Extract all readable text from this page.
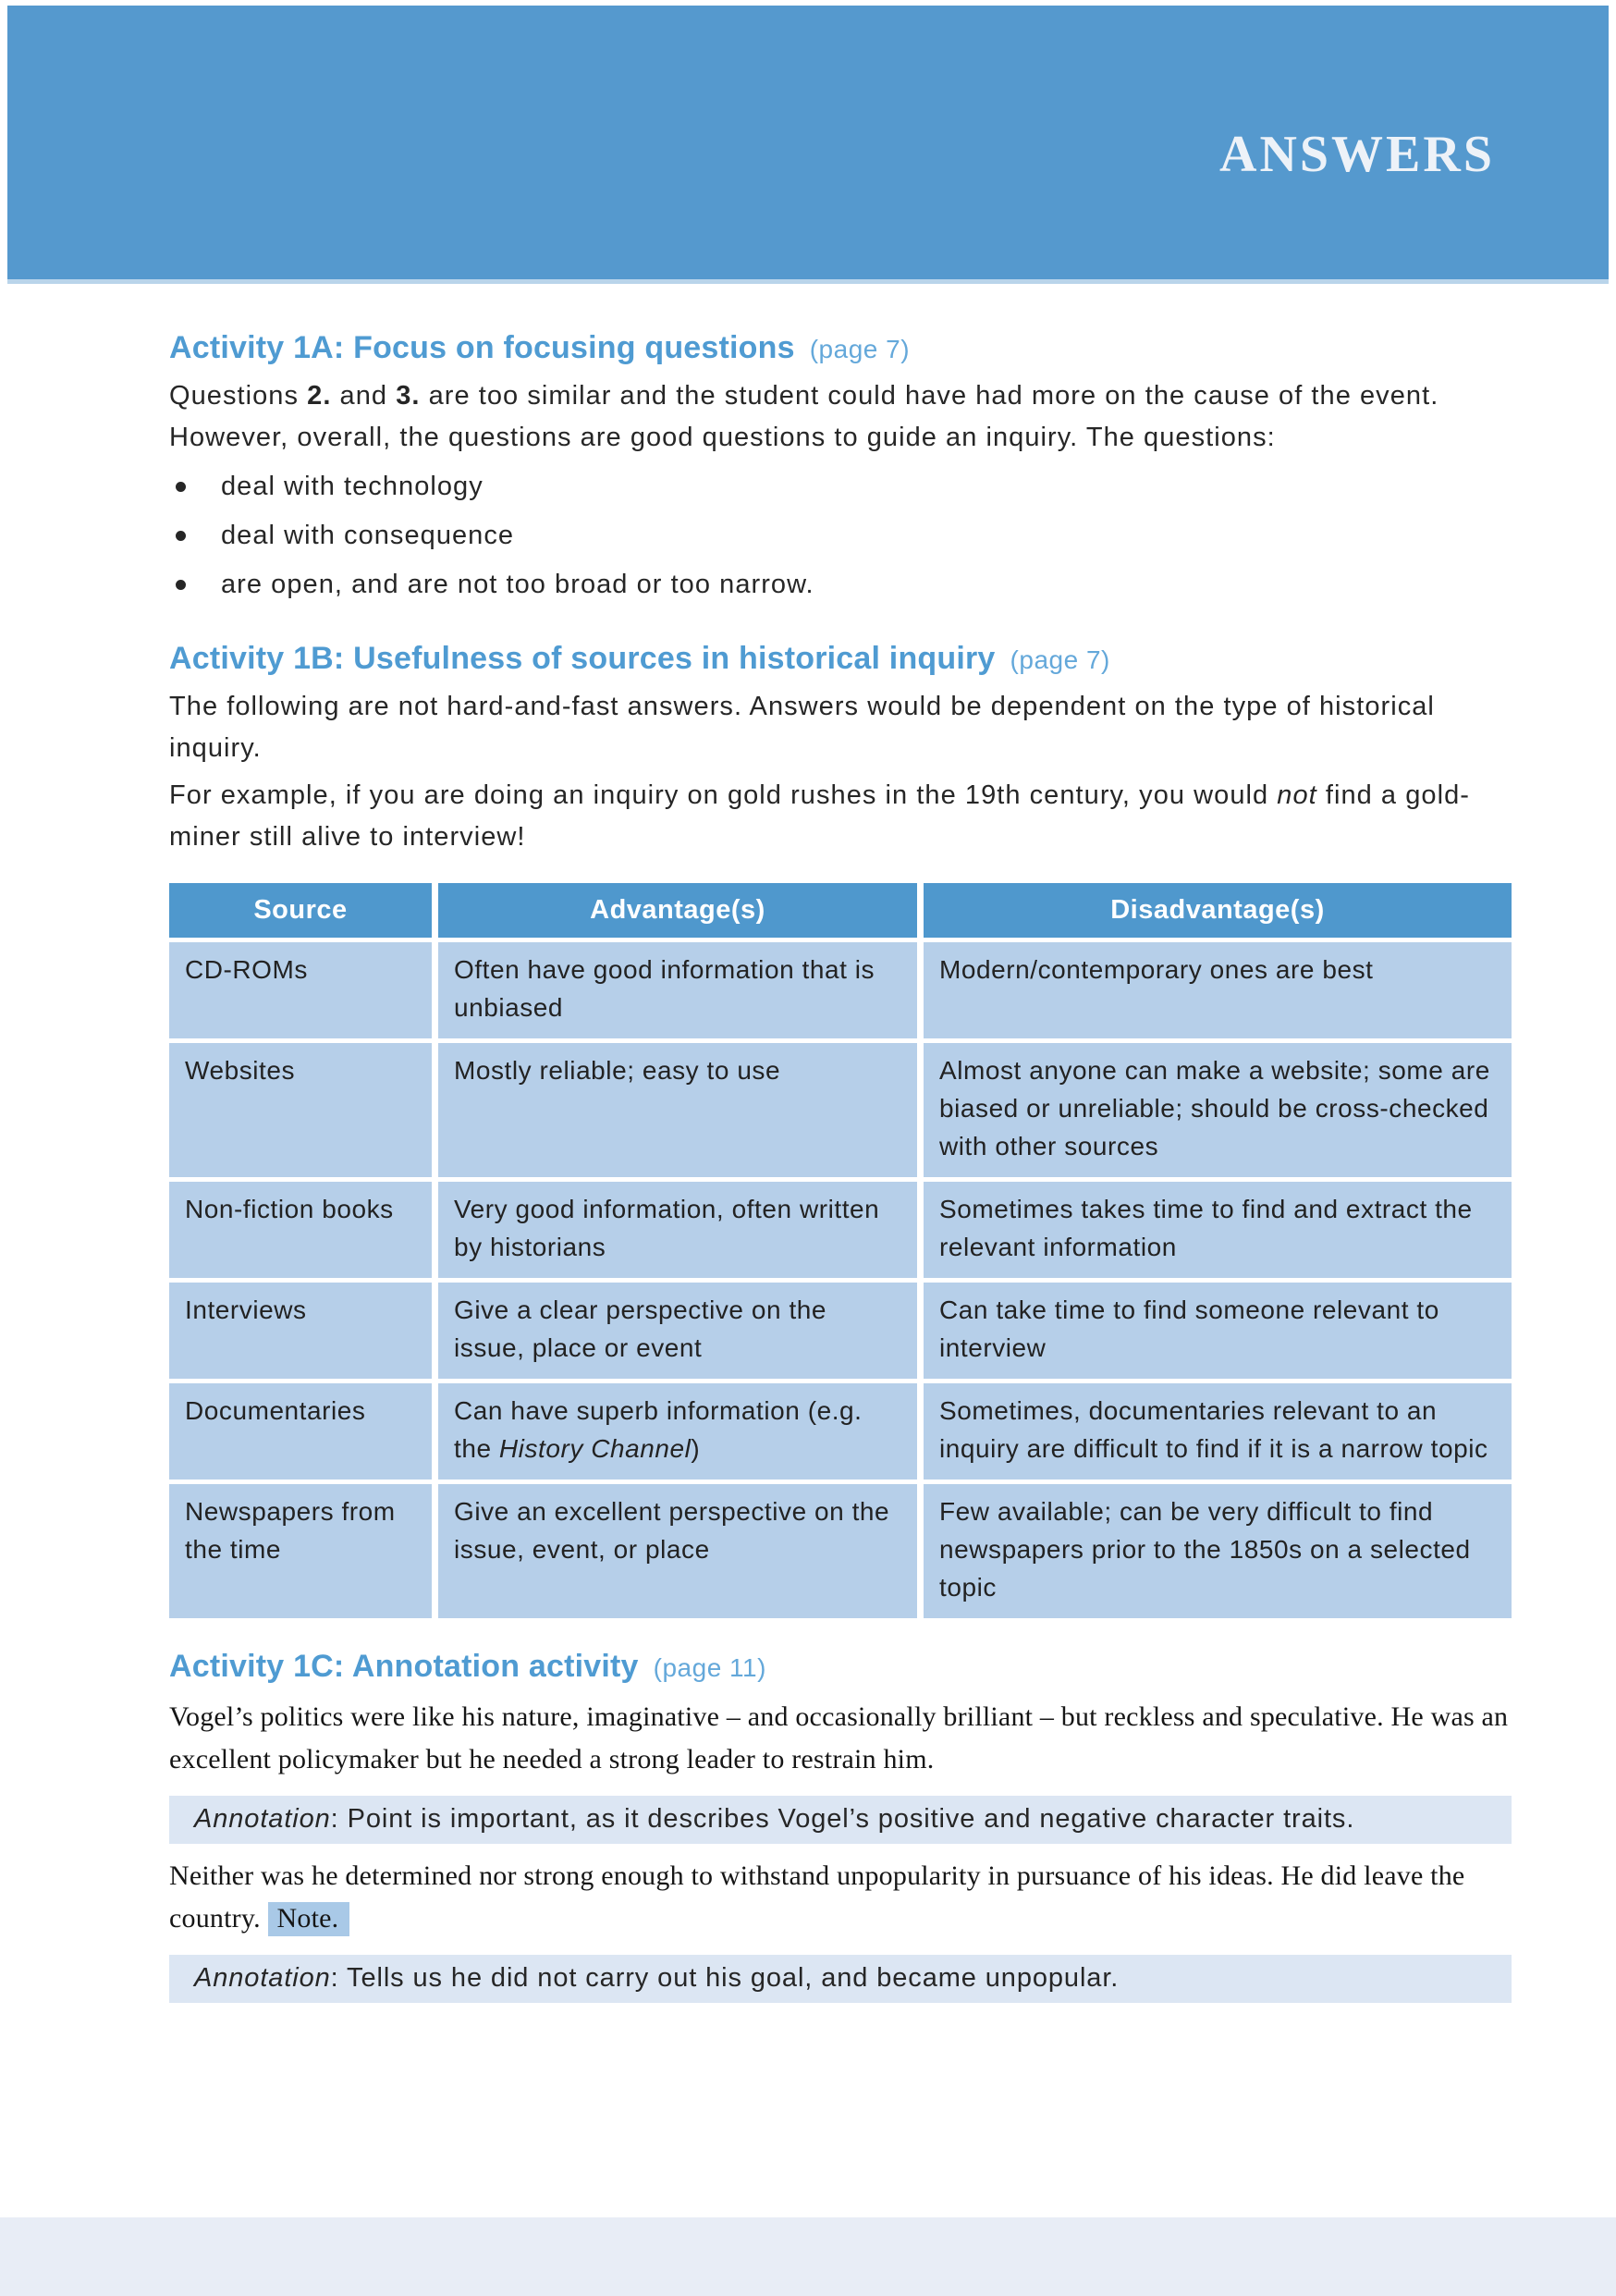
ANSWERS
Activity 1A: Focus on focusing questions (page 7)

Questions 2. and 3. are too similar and the student could have had more on the cause of the event. However, overall, the questions are good questions to guide an inquiry. The questions:

deal with technology
deal with consequence
are open, and are not too broad or too narrow.
Activity 1B: Usefulness of sources in historical inquiry (page 7)

The following are not hard-and-fast answers. Answers would be dependent on the type of historical inquiry.

For example, if you are doing an inquiry on gold rushes in the 19th century, you would not find a gold-miner still alive to interview!

Source	Advantage(s)	Disadvantage(s)
CD-ROMs	Often have good information that is unbiased	Modern/contemporary ones are best
Websites	Mostly reliable; easy to use	Almost anyone can make a website; some are biased or unreliable; should be cross-checked with other sources
Non-fiction books	Very good information, often written by historians	Sometimes takes time to find and extract the relevant information
Interviews	Give a clear perspective on the issue, place or event	Can take time to find someone relevant to interview
Documentaries	Can have superb information (e.g. the History Channel)	Sometimes, documentaries relevant to an inquiry are difficult to find if it is a narrow topic
Newspapers from the time	Give an excellent perspective on the issue, event, or place	Few available; can be very difficult to find newspapers prior to the 1850s on a selected topic
Activity 1C: Annotation activity (page 11)

Vogel’s politics were like his nature, imaginative – and occasionally brilliant – but reckless and speculative. He was an excellent policymaker but he needed a strong leader to restrain him.

Annotation: Point is important, as it describes Vogel’s positive and negative character traits.

Neither was he determined nor strong enough to withstand unpopularity in pursuance of his ideas. He did leave the country. Note.

Annotation: Tells us he did not carry out his goal, and became unpopular.
